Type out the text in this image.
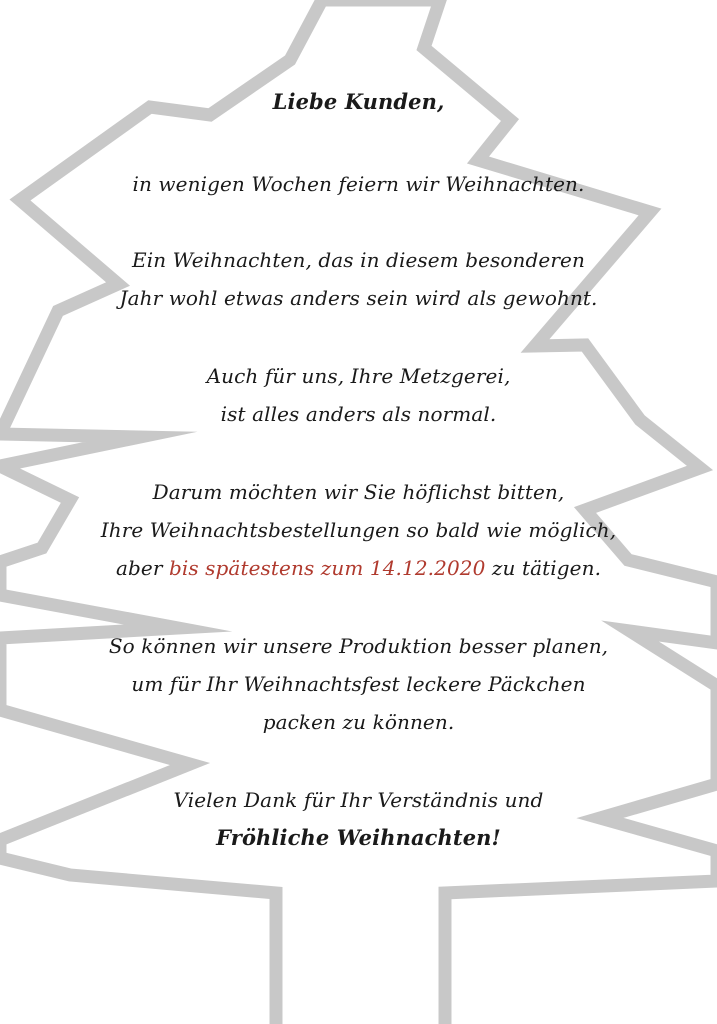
Liebe Kunden,
in wenigen Wochen feiern wir Weihnachten.
Ein Weihnachten, das in diesem besonderen
Jahr wohl etwas anders sein wird als gewohnt.
Auch für uns, Ihre Metzgerei,
ist alles anders als normal.
Darum möchten wir Sie höflichst bitten,
Ihre Weihnachtsbestellungen so bald wie möglich,
aber bis spätestens zum 14.12.2020 zu tätigen.
So können wir unsere Produktion besser planen,
um für Ihr Weihnachtsfest leckere Päckchen
packen zu können.
Vielen Dank für Ihr Verständnis und
Fröhliche Weihnachten!
